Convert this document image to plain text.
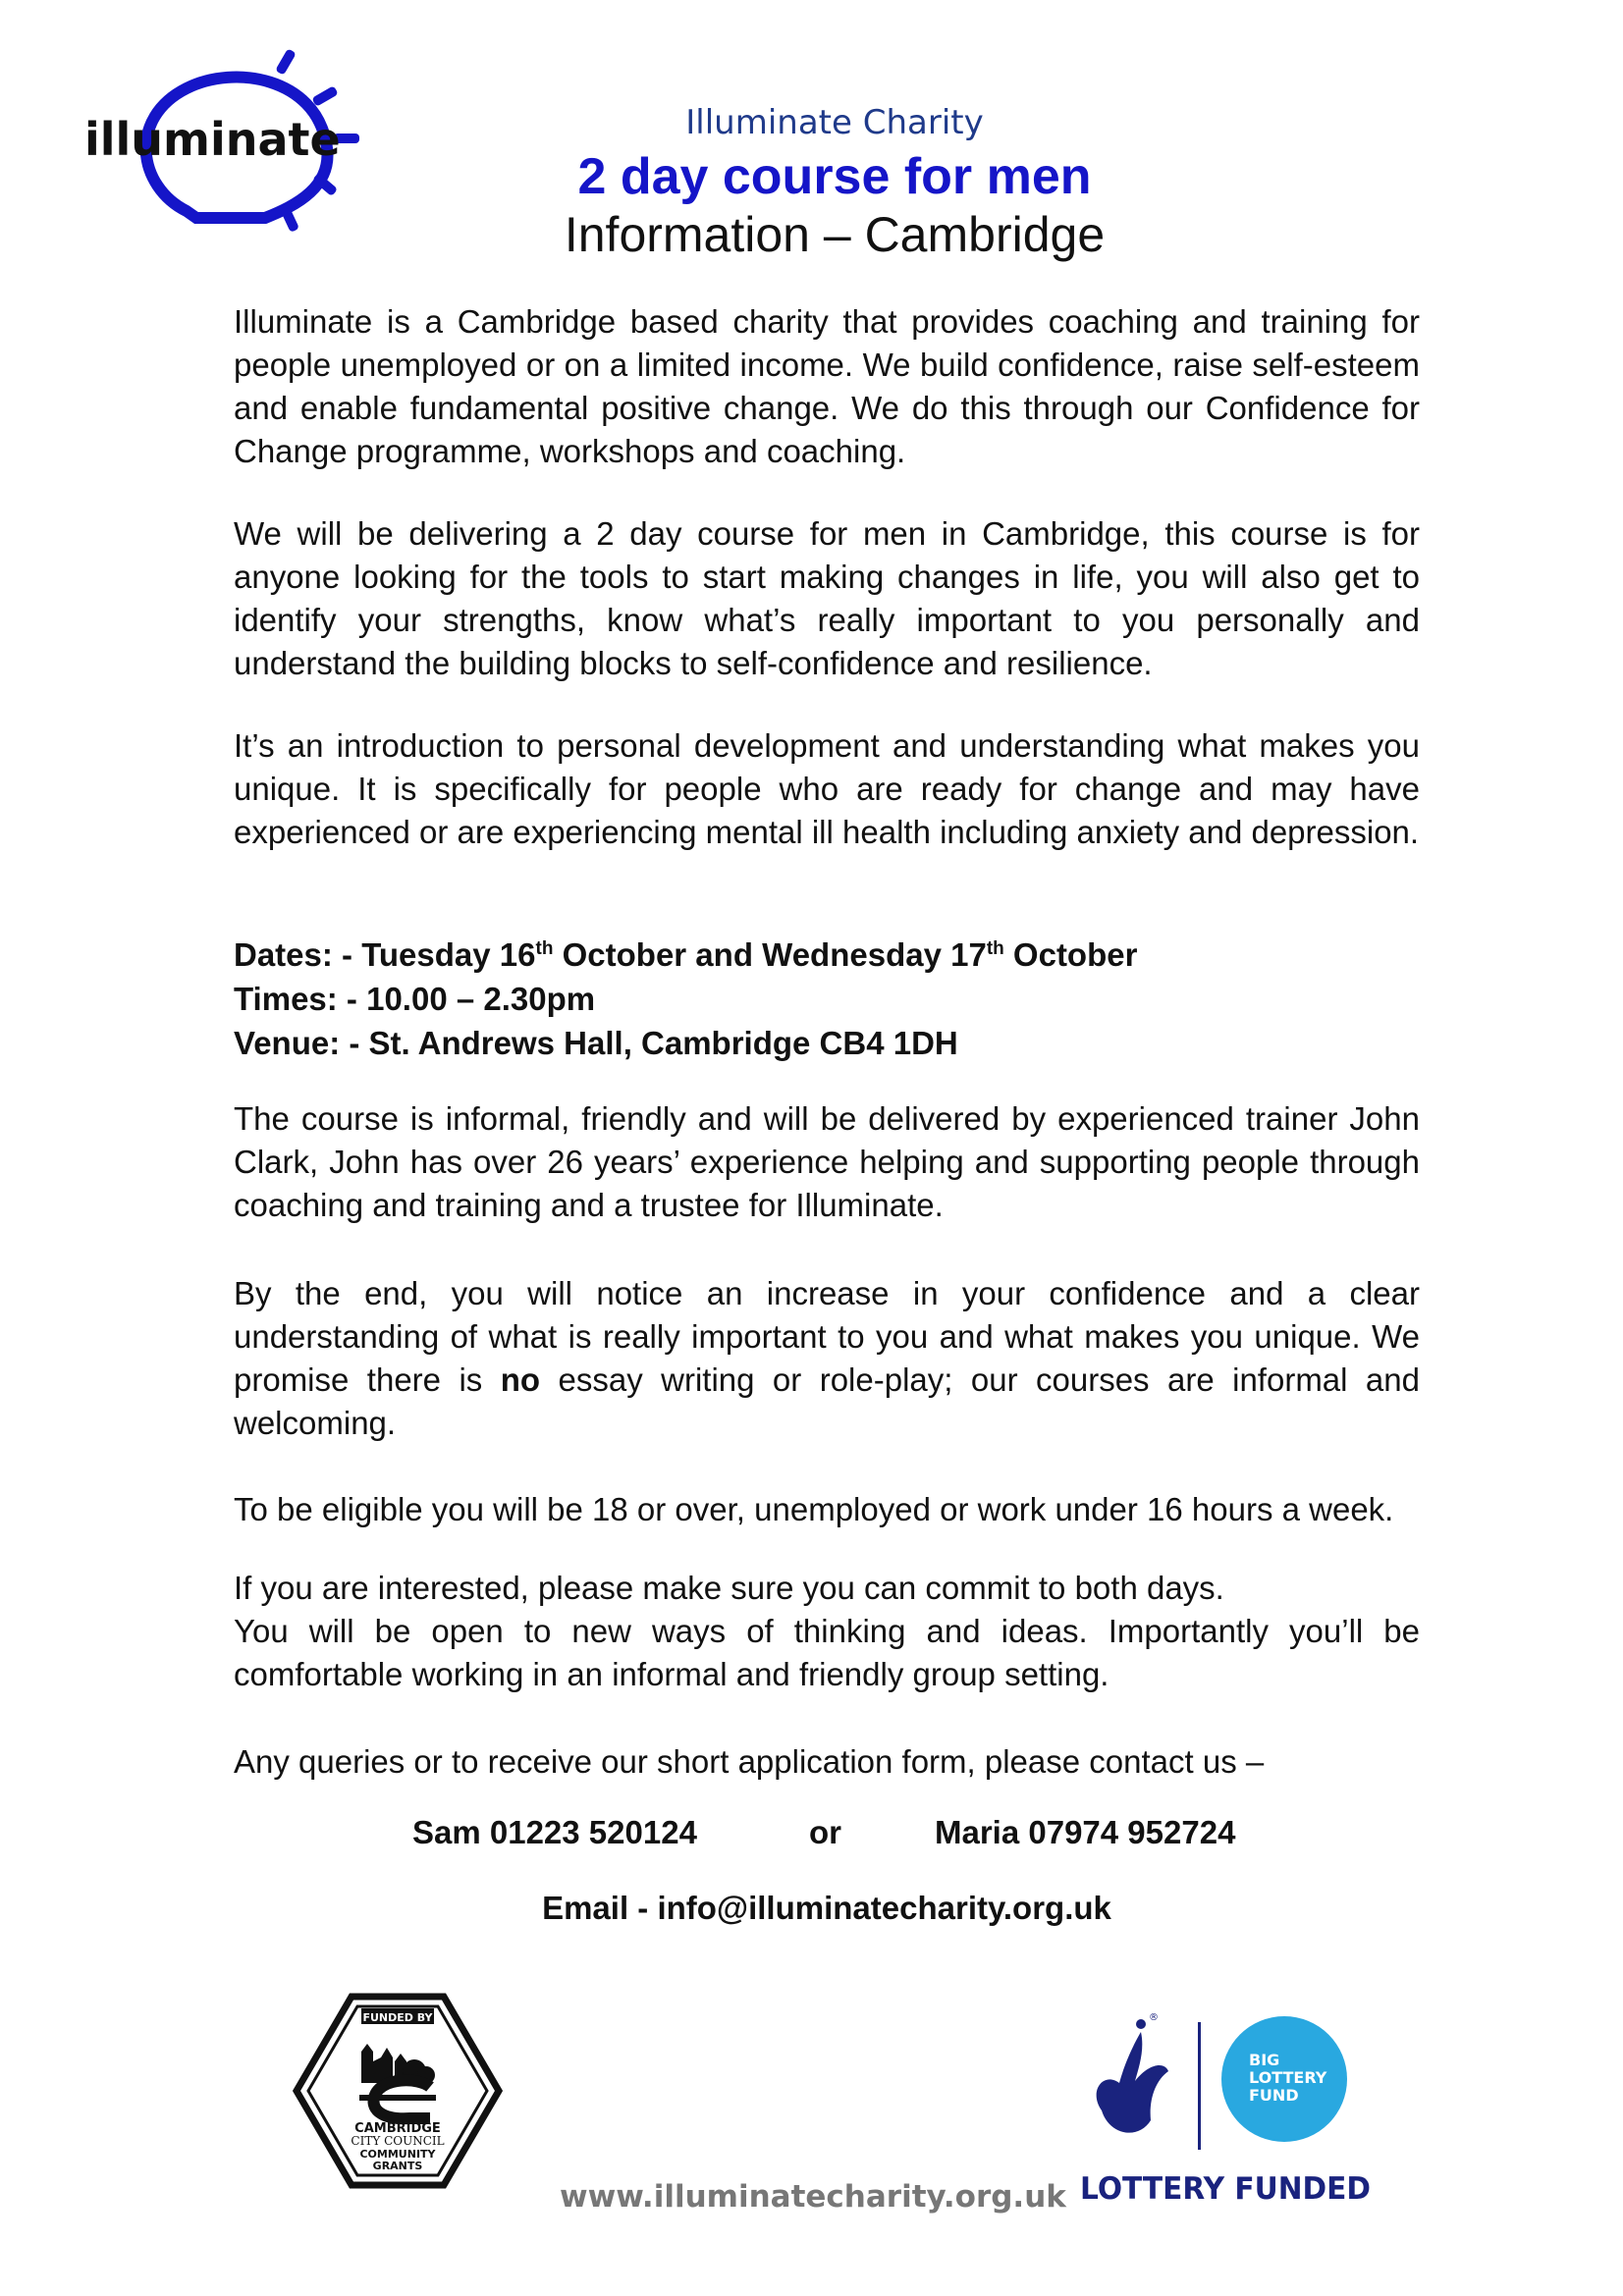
illuminate	Illuminate Charity
2 day course for men
Information – Cambridge
Illuminate is a Cambridge based charity that provides coaching and training for people unemployed or on a limited income. We build confidence, raise self-esteem and enable fundamental positive change. We do this through our Confidence for Change programme, workshops and coaching.
We will be delivering a 2 day course for men in Cambridge, this course is for anyone looking for the tools to start making changes in life, you will also get to identify your strengths, know what’s really important to you personally and understand the building blocks to self-confidence and resilience.
It’s an introduction to personal development and understanding what makes you unique. It is specifically for people who are ready for change and may have experienced or are experiencing mental ill health including anxiety and depression.
Dates: - Tuesday 16th October and Wednesday 17th October
Times: - 10.00 – 2.30pm
Venue: - St. Andrews Hall, Cambridge CB4 1DH
The course is informal, friendly and will be delivered by experienced trainer John Clark, John has over 26 years’ experience helping and supporting people through coaching and training and a trustee for Illuminate.
By the end, you will notice an increase in your confidence and a clear understanding of what is really important to you and what makes you unique. We promise there is no essay writing or role-play; our courses are informal and welcoming.
To be eligible you will be 18 or over, unemployed or work under 16 hours a week.
If you are interested, please make sure you can commit to both days.
You will be open to new ways of thinking and ideas. Importantly you’ll be comfortable working in an informal and friendly group setting.
Any queries or to receive our short application form, please contact us –
Sam 01223 520124	or	Maria 07974 952724
Email - info@illuminatecharity.org.uk
FUNDED BY
CAMBRIDGE
CITY COUNCIL
COMMUNITY
GRANTS
www.illuminatecharity.org.uk
®
BIG
LOTTERY
FUND
LOTTERY FUNDED
